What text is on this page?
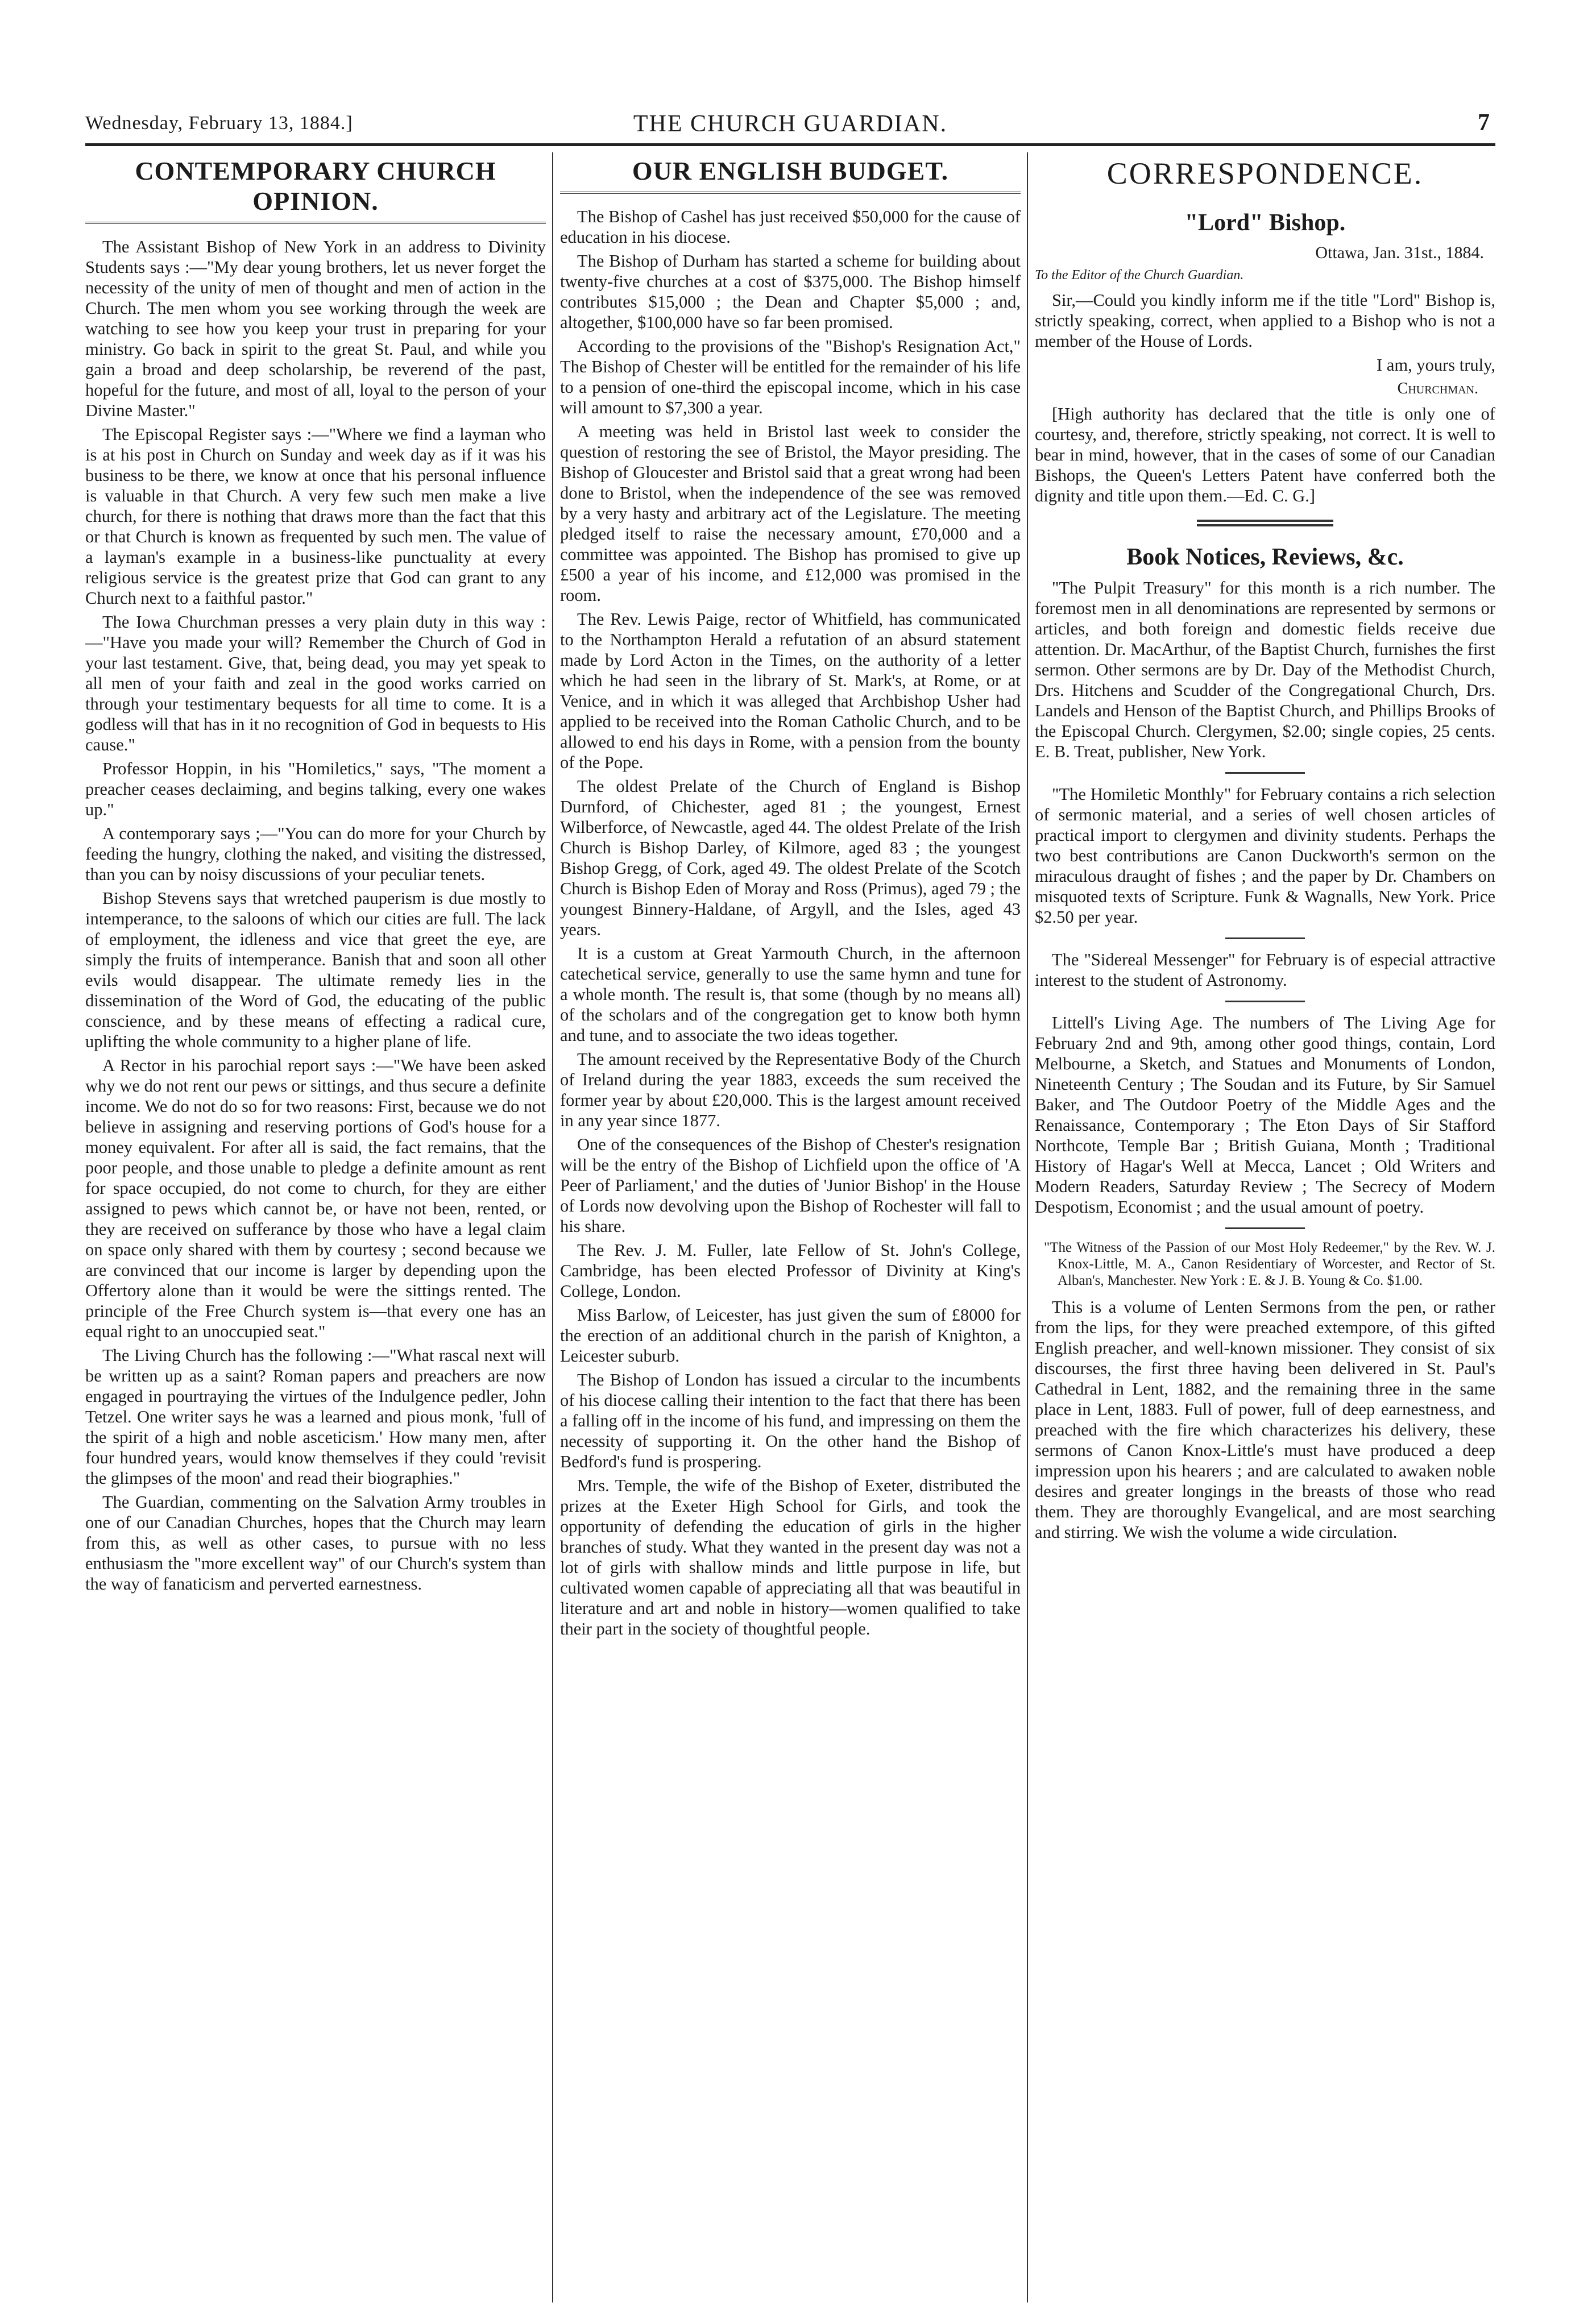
Wednesday, February 13, 1884.]	THE CHURCH GUARDIAN.	7
CONTEMPORARY CHURCH OPINION.

The Assistant Bishop of New York in an address to Divinity Students says :—"My dear young brothers, let us never forget the necessity of the unity of men of thought and men of action in the Church. The men whom you see working through the week are watching to see how you keep your trust in preparing for your ministry. Go back in spirit to the great St. Paul, and while you gain a broad and deep scholarship, be reverend of the past, hopeful for the future, and most of all, loyal to the person of your Divine Master."

The Episcopal Register says :—"Where we find a layman who is at his post in Church on Sunday and week day as if it was his business to be there, we know at once that his personal influence is valuable in that Church. A very few such men make a live church, for there is nothing that draws more than the fact that this or that Church is known as frequented by such men. The value of a layman's example in a business-like punctuality at every religious service is the greatest prize that God can grant to any Church next to a faithful pastor."

The Iowa Churchman presses a very plain duty in this way :—"Have you made your will? Remember the Church of God in your last testament. Give, that, being dead, you may yet speak to all men of your faith and zeal in the good works carried on through your testimentary bequests for all time to come. It is a godless will that has in it no recognition of God in bequests to His cause."

Professor Hoppin, in his "Homiletics," says, "The moment a preacher ceases declaiming, and begins talking, every one wakes up."

A contemporary says ;—"You can do more for your Church by feeding the hungry, clothing the naked, and visiting the distressed, than you can by noisy discussions of your peculiar tenets.

Bishop Stevens says that wretched pauperism is due mostly to intemperance, to the saloons of which our cities are full. The lack of employment, the idleness and vice that greet the eye, are simply the fruits of intemperance. Banish that and soon all other evils would disappear. The ultimate remedy lies in the dissemination of the Word of God, the educating of the public conscience, and by these means of effecting a radical cure, uplifting the whole community to a higher plane of life.

A Rector in his parochial report says :—"We have been asked why we do not rent our pews or sittings, and thus secure a definite income. We do not do so for two reasons: First, because we do not believe in assigning and reserving portions of God's house for a money equivalent. For after all is said, the fact remains, that the poor people, and those unable to pledge a definite amount as rent for space occupied, do not come to church, for they are either assigned to pews which cannot be, or have not been, rented, or they are received on sufferance by those who have a legal claim on space only shared with them by courtesy ; second because we are convinced that our income is larger by depending upon the Offertory alone than it would be were the sittings rented. The principle of the Free Church system is—that every one has an equal right to an unoccupied seat."

The Living Church has the following :—"What rascal next will be written up as a saint? Roman papers and preachers are now engaged in pourtraying the virtues of the Indulgence pedler, John Tetzel. One writer says he was a learned and pious monk, 'full of the spirit of a high and noble asceticism.' How many men, after four hundred years, would know themselves if they could 'revisit the glimpses of the moon' and read their biographies."

The Guardian, commenting on the Salvation Army troubles in one of our Canadian Churches, hopes that the Church may learn from this, as well as other cases, to pursue with no less enthusiasm the "more excellent way" of our Church's system than the way of fanaticism and perverted earnestness.

OUR ENGLISH BUDGET.

The Bishop of Cashel has just received $50,000 for the cause of education in his diocese.

The Bishop of Durham has started a scheme for building about twenty-five churches at a cost of $375,000. The Bishop himself contributes $15,000 ; the Dean and Chapter $5,000 ; and, altogether, $100,000 have so far been promised.

According to the provisions of the "Bishop's Resignation Act," The Bishop of Chester will be entitled for the remainder of his life to a pension of one-third the episcopal income, which in his case will amount to $7,300 a year.

A meeting was held in Bristol last week to consider the question of restoring the see of Bristol, the Mayor presiding. The Bishop of Gloucester and Bristol said that a great wrong had been done to Bristol, when the independence of the see was removed by a very hasty and arbitrary act of the Legislature. The meeting pledged itself to raise the necessary amount, £70,000 and a committee was appointed. The Bishop has promised to give up £500 a year of his income, and £12,000 was promised in the room.

The Rev. Lewis Paige, rector of Whitfield, has communicated to the Northampton Herald a refutation of an absurd statement made by Lord Acton in the Times, on the authority of a letter which he had seen in the library of St. Mark's, at Rome, or at Venice, and in which it was alleged that Archbishop Usher had applied to be received into the Roman Catholic Church, and to be allowed to end his days in Rome, with a pension from the bounty of the Pope.

The oldest Prelate of the Church of England is Bishop Durnford, of Chichester, aged 81 ; the youngest, Ernest Wilberforce, of Newcastle, aged 44. The oldest Prelate of the Irish Church is Bishop Darley, of Kilmore, aged 83 ; the youngest Bishop Gregg, of Cork, aged 49. The oldest Prelate of the Scotch Church is Bishop Eden of Moray and Ross (Primus), aged 79 ; the youngest Binnery-Haldane, of Argyll, and the Isles, aged 43 years.

It is a custom at Great Yarmouth Church, in the afternoon catechetical service, generally to use the same hymn and tune for a whole month. The result is, that some (though by no means all) of the scholars and of the congregation get to know both hymn and tune, and to associate the two ideas together.

The amount received by the Representative Body of the Church of Ireland during the year 1883, exceeds the sum received the former year by about £20,000. This is the largest amount received in any year since 1877.

One of the consequences of the Bishop of Chester's resignation will be the entry of the Bishop of Lichfield upon the office of 'A Peer of Parliament,' and the duties of 'Junior Bishop' in the House of Lords now devolving upon the Bishop of Rochester will fall to his share.

The Rev. J. M. Fuller, late Fellow of St. John's College, Cambridge, has been elected Professor of Divinity at King's College, London.

Miss Barlow, of Leicester, has just given the sum of £8000 for the erection of an additional church in the parish of Knighton, a Leicester suburb.

The Bishop of London has issued a circular to the incumbents of his diocese calling their intention to the fact that there has been a falling off in the income of his fund, and impressing on them the necessity of supporting it. On the other hand the Bishop of Bedford's fund is prospering.

Mrs. Temple, the wife of the Bishop of Exeter, distributed the prizes at the Exeter High School for Girls, and took the opportunity of defending the education of girls in the higher branches of study. What they wanted in the present day was not a lot of girls with shallow minds and little purpose in life, but cultivated women capable of appreciating all that was beautiful in literature and art and noble in history—women qualified to take their part in the society of thoughtful people.

CORRESPONDENCE.
"Lord" Bishop.
Ottawa, Jan. 31st., 1884.

To the Editor of the Church Guardian.

Sir,—Could you kindly inform me if the title "Lord" Bishop is, strictly speaking, correct, when applied to a Bishop who is not a member of the House of Lords.

I am, yours truly,

Churchman.

[High authority has declared that the title is only one of courtesy, and, therefore, strictly speaking, not correct. It is well to bear in mind, however, that in the cases of some of our Canadian Bishops, the Queen's Letters Patent have conferred both the dignity and title upon them.—Ed. C. G.]

Book Notices, Reviews, &c.

"The Pulpit Treasury" for this month is a rich number. The foremost men in all denominations are represented by sermons or articles, and both foreign and domestic fields receive due attention. Dr. MacArthur, of the Baptist Church, furnishes the first sermon. Other sermons are by Dr. Day of the Methodist Church, Drs. Hitchens and Scudder of the Congregational Church, Drs. Landels and Henson of the Baptist Church, and Phillips Brooks of the Episcopal Church. Clergymen, $2.00; single copies, 25 cents. E. B. Treat, publisher, New York.

"The Homiletic Monthly" for February contains a rich selection of sermonic material, and a series of well chosen articles of practical import to clergymen and divinity students. Perhaps the two best contributions are Canon Duckworth's sermon on the miraculous draught of fishes ; and the paper by Dr. Chambers on misquoted texts of Scripture. Funk & Wagnalls, New York. Price $2.50 per year.

The "Sidereal Messenger" for February is of especial attractive interest to the student of Astronomy.

Littell's Living Age. The numbers of The Living Age for February 2nd and 9th, among other good things, contain, Lord Melbourne, a Sketch, and Statues and Monuments of London, Nineteenth Century ; The Soudan and its Future, by Sir Samuel Baker, and The Outdoor Poetry of the Middle Ages and the Renaissance, Contemporary ; The Eton Days of Sir Stafford Northcote, Temple Bar ; British Guiana, Month ; Traditional History of Hagar's Well at Mecca, Lancet ; Old Writers and Modern Readers, Saturday Review ; The Secrecy of Modern Despotism, Economist ; and the usual amount of poetry.

"The Witness of the Passion of our Most Holy Redeemer," by the Rev. W. J. Knox-Little, M. A., Canon Residentiary of Worcester, and Rector of St. Alban's, Manchester. New York : E. & J. B. Young & Co. $1.00.

This is a volume of Lenten Sermons from the pen, or rather from the lips, for they were preached extempore, of this gifted English preacher, and well-known missioner. They consist of six discourses, the first three having been delivered in St. Paul's Cathedral in Lent, 1882, and the remaining three in the same place in Lent, 1883. Full of power, full of deep earnestness, and preached with the fire which characterizes his delivery, these sermons of Canon Knox-Little's must have produced a deep impression upon his hearers ; and are calculated to awaken noble desires and greater longings in the breasts of those who read them. They are thoroughly Evangelical, and are most searching and stirring. We wish the volume a wide circulation.
